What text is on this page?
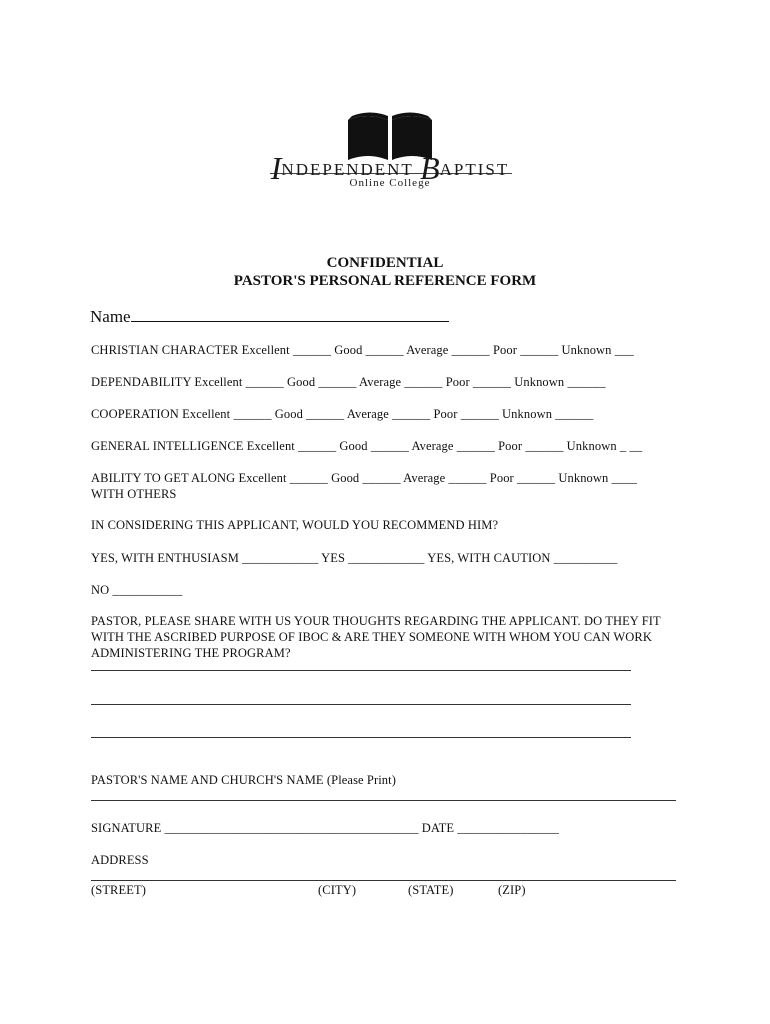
INDEPENDENT BAPTIST
Online College
CONFIDENTIAL
PASTOR'S PERSONAL REFERENCE FORM
Name
CHRISTIAN CHARACTER Excellent ______ Good ______ Average ______ Poor ______ Unknown ___
DEPENDABILITY Excellent ______ Good ______ Average ______ Poor ______ Unknown ______
COOPERATION Excellent ______ Good ______ Average ______ Poor ______ Unknown ______
GENERAL INTELLIGENCE Excellent ______ Good ______ Average ______ Poor ______ Unknown _ __
ABILITY TO GET ALONG Excellent ______ Good ______ Average ______ Poor ______ Unknown ____
WITH OTHERS
IN CONSIDERING THIS APPLICANT, WOULD YOU RECOMMEND HIM?
YES, WITH ENTHUSIASM ____________ YES ____________ YES, WITH CAUTION __________
NO ___________
PASTOR, PLEASE SHARE WITH US YOUR THOUGHTS REGARDING THE APPLICANT. DO THEY FIT
WITH THE ASCRIBED PURPOSE OF IBOC & ARE THEY SOMEONE WITH WHOM YOU CAN WORK
ADMINISTERING THE PROGRAM?
PASTOR'S NAME AND CHURCH'S NAME (Please Print)
SIGNATURE ________________________________________ DATE ________________
ADDRESS
(STREET)	(CITY)	(STATE)	(ZIP)
